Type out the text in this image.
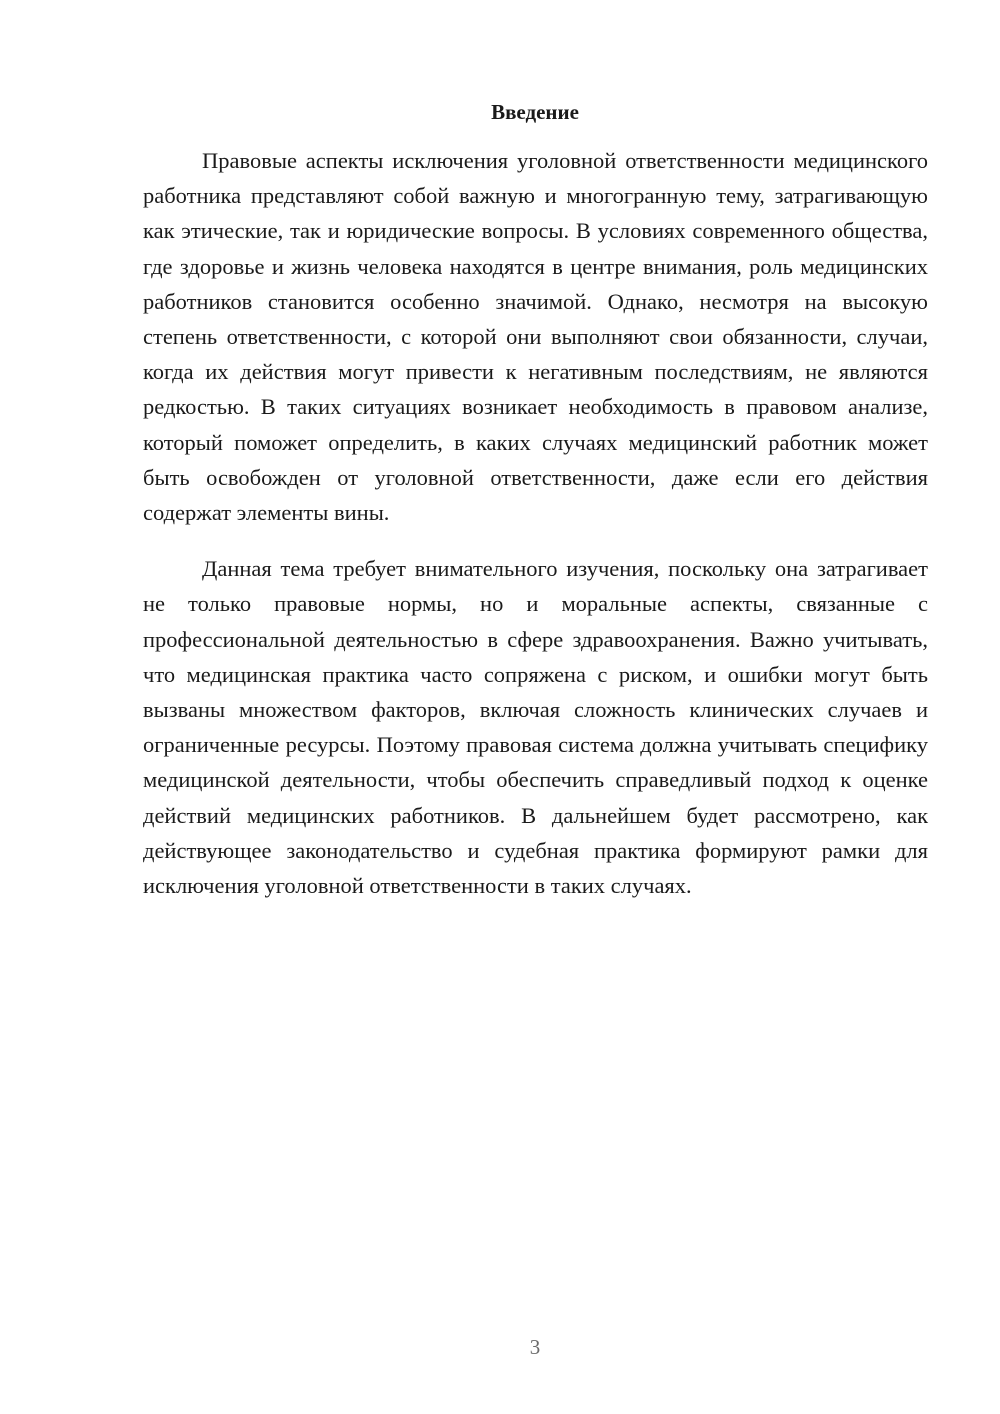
Введение

Правовые аспекты исключения уголовной ответственности медицинского работника представляют собой важную и многогранную тему, затрагивающую как этические, так и юридические вопросы. В условиях современного общества, где здоровье и жизнь человека находятся в центре внимания, роль медицинских работников становится особенно значимой. Однако, несмотря на высокую степень ответственности, с которой они выполняют свои обязанности, случаи, когда их действия могут привести к негативным последствиям, не являются редкостью. В таких ситуациях возникает необходимость в правовом анализе, который поможет определить, в каких случаях медицинский работник может быть освобожден от уголовной ответственности, даже если его действия содержат элементы вины.

Данная тема требует внимательного изучения, поскольку она затрагивает не только правовые нормы, но и моральные аспекты, связанные с профессиональной деятельностью в сфере здравоохранения. Важно учитывать, что медицинская практика часто сопряжена с риском, и ошибки могут быть вызваны множеством факторов, включая сложность клинических случаев и ограниченные ресурсы. Поэтому правовая система должна учитывать специфику медицинской деятельности, чтобы обеспечить справедливый подход к оценке действий медицинских работников. В дальнейшем будет рассмотрено, как действующее законодательство и судебная практика формируют рамки для исключения уголовной ответственности в таких случаях.

3
